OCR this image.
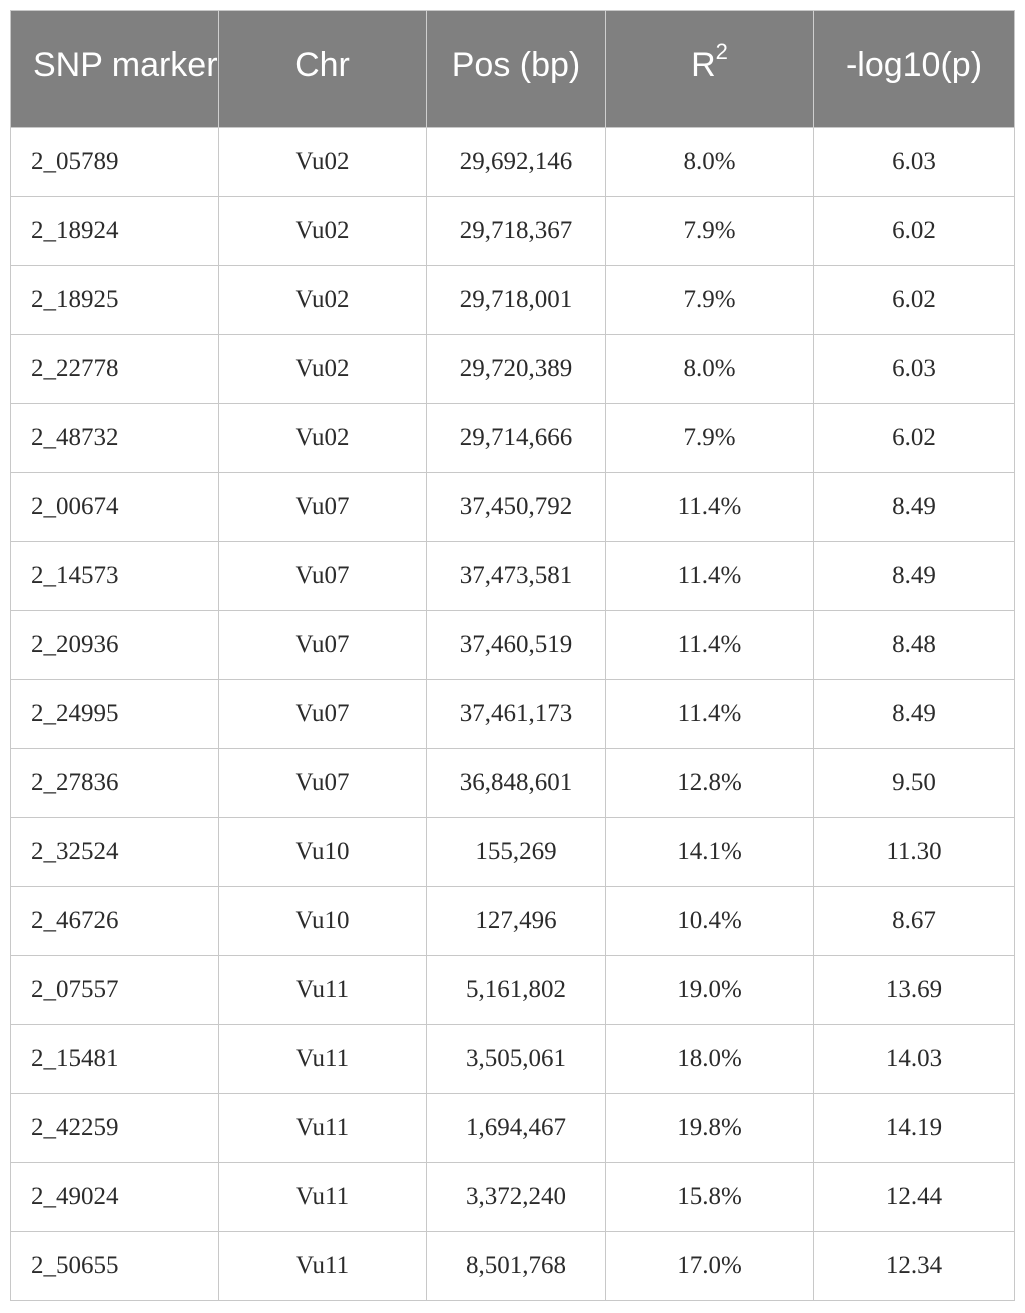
SNP marker	Chr	Pos (bp)	$R^2$	-log10(p)
2_05789	Vu02	29,692,146	8.0%	6.03
2_18924	Vu02	29,718,367	7.9%	6.02
2_18925	Vu02	29,718,001	7.9%	6.02
2_22778	Vu02	29,720,389	8.0%	6.03
2_48732	Vu02	29,714,666	7.9%	6.02
2_00674	Vu07	37,450,792	11.4%	8.49
2_14573	Vu07	37,473,581	11.4%	8.49
2_20936	Vu07	37,460,519	11.4%	8.48
2_24995	Vu07	37,461,173	11.4%	8.49
2_27836	Vu07	36,848,601	12.8%	9.50
2_32524	Vu10	155,269	14.1%	11.30
2_46726	Vu10	127,496	10.4%	8.67
2_07557	Vu11	5,161,802	19.0%	13.69
2_15481	Vu11	3,505,061	18.0%	14.03
2_42259	Vu11	1,694,467	19.8%	14.19
2_49024	Vu11	3,372,240	15.8%	12.44
2_50655	Vu11	8,501,768	17.0%	12.34
